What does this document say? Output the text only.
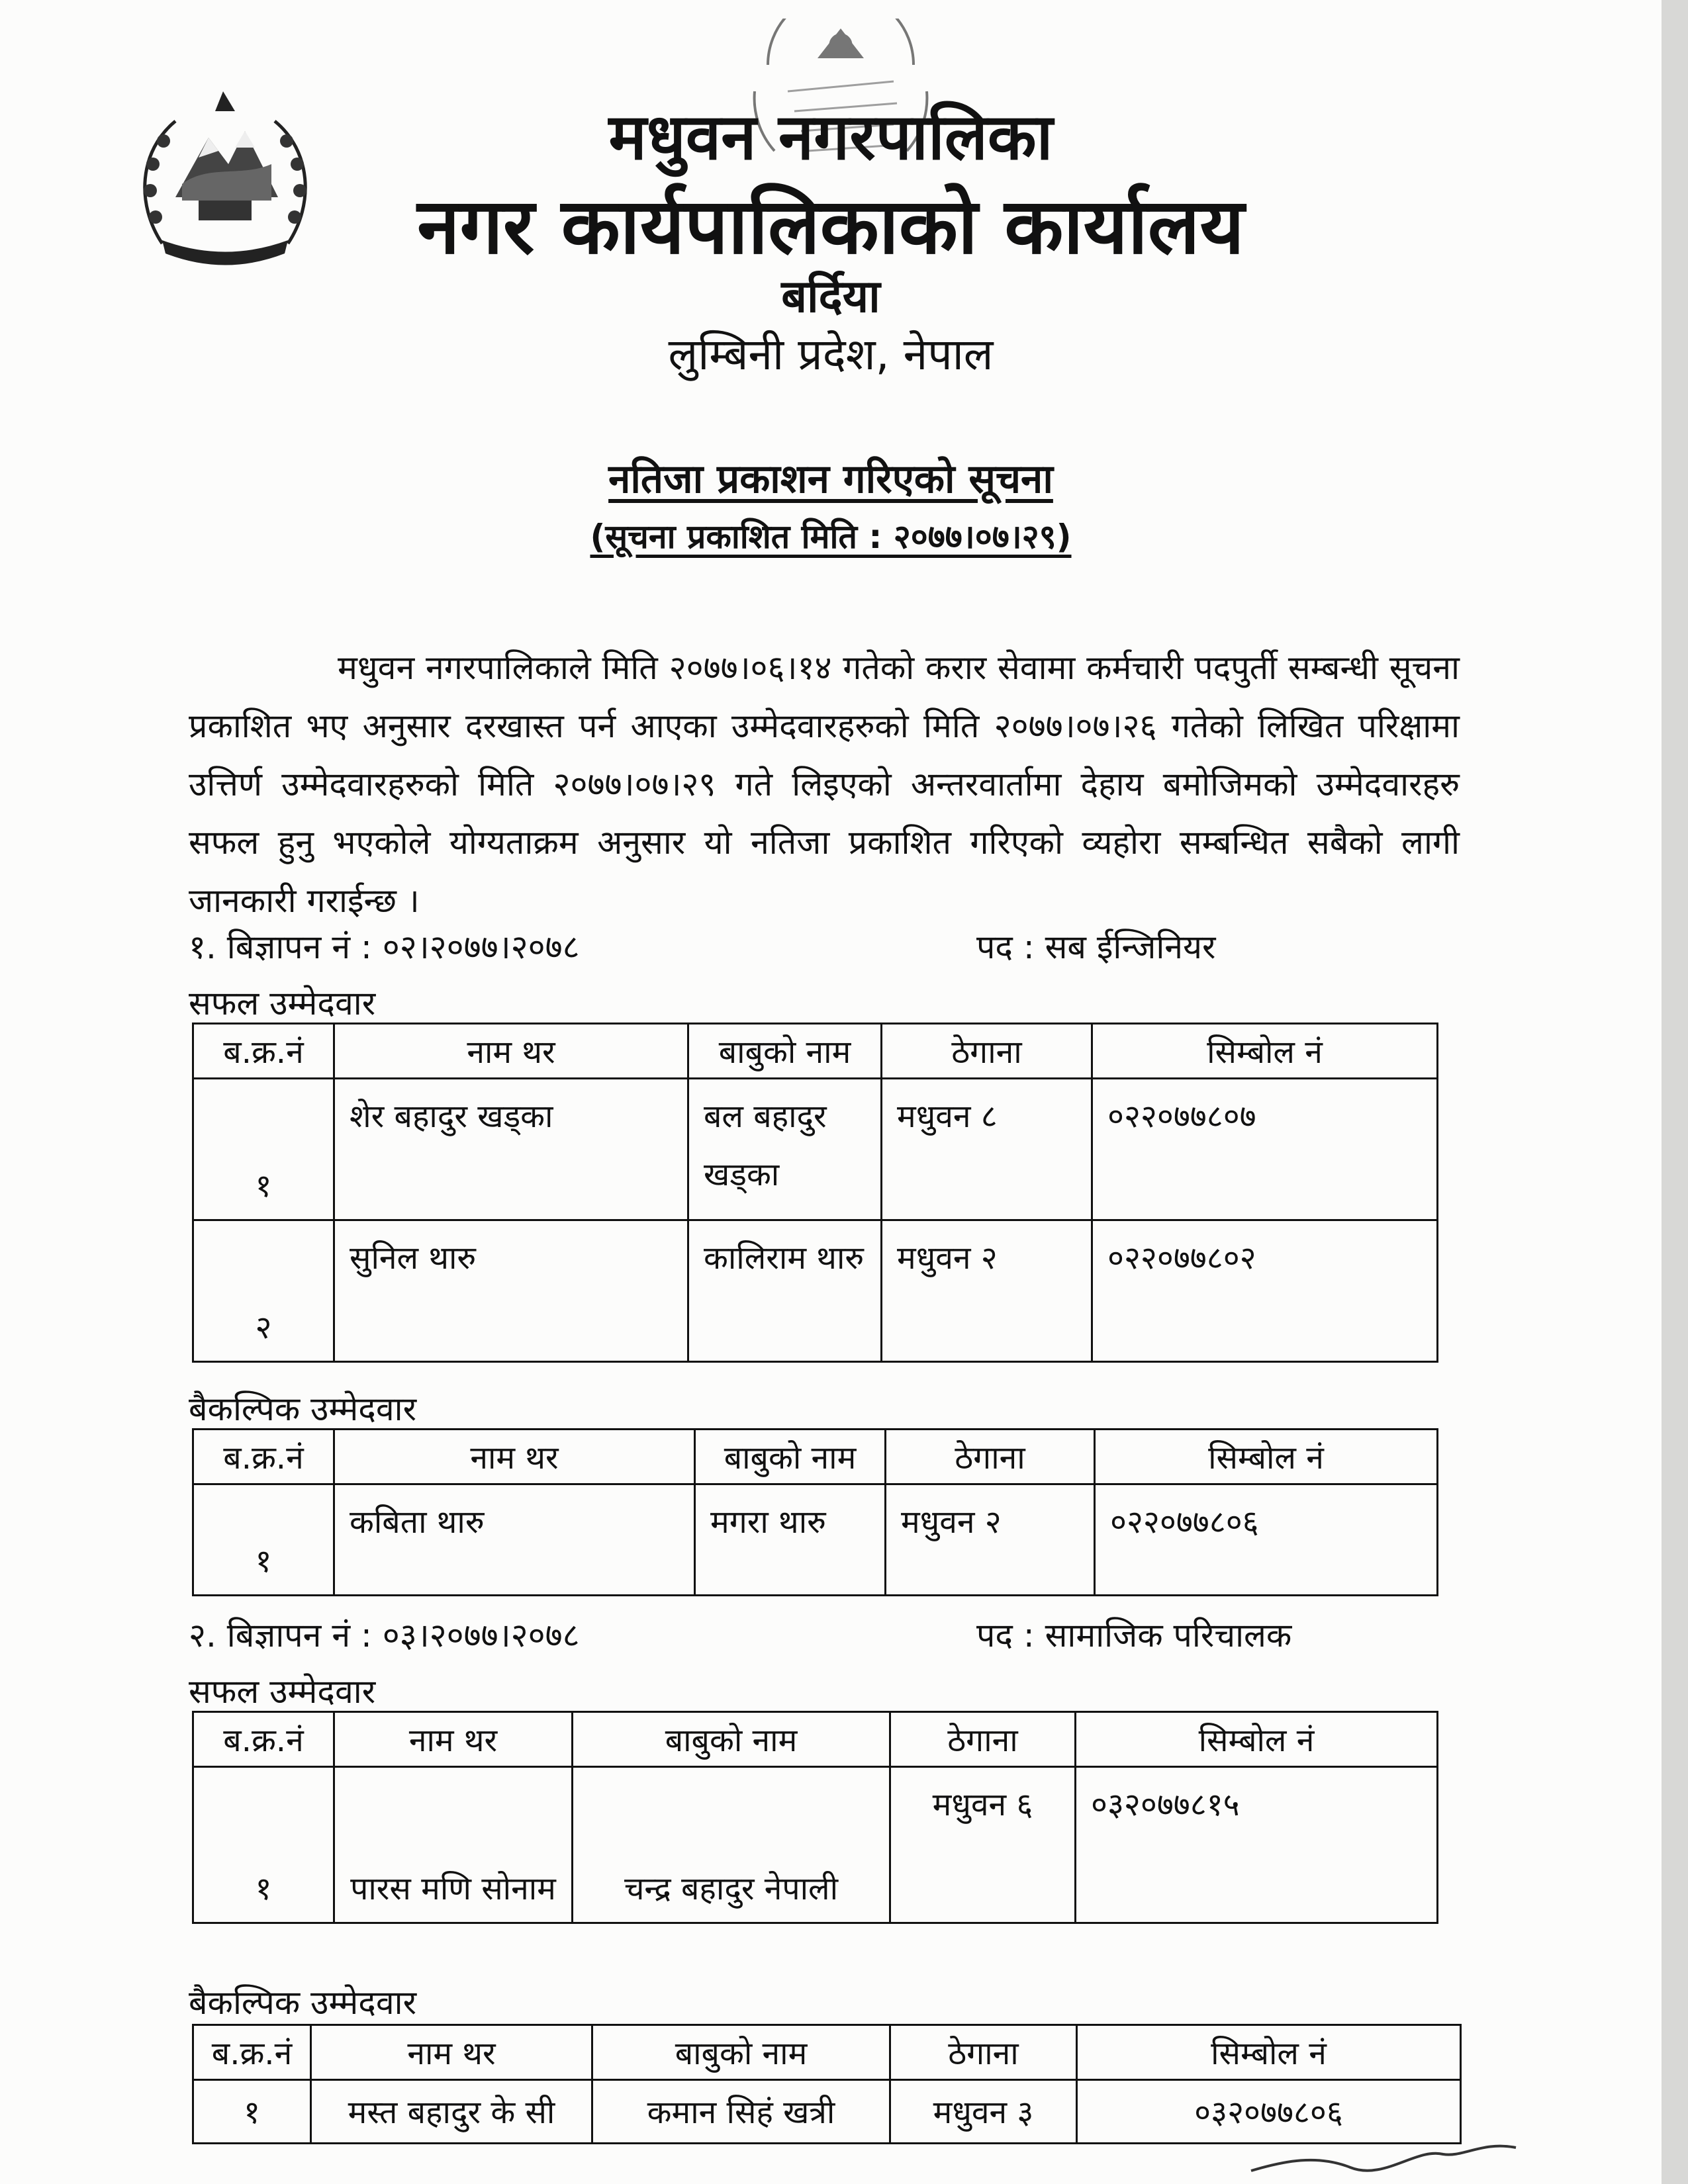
मधुवन नगरपालिका
नगर कार्यपालिकाको कार्यालय
बर्दिया
लुम्बिनी प्रदेश, नेपाल
नतिजा प्रकाशन गरिएको सूचना
(सूचना प्रकाशित मिति : २०७७।०७।२९)
मधुवन नगरपालिकाले मिति २०७७।०६।१४ गतेको करार सेवामा कर्मचारी पदपुर्ती सम्बन्धी सूचना प्रकाशित भए अनुसार दरखास्त पर्न आएका उम्मेदवारहरुको मिति २०७७।०७।२६ गतेको लिखित परिक्षामा उत्तिर्ण उम्मेदवारहरुको मिति २०७७।०७।२९ गते लिइएको अन्तरवार्तामा देहाय बमोजिमको उम्मेदवारहरु सफल हुनु भएकोले योग्यताक्रम अनुसार यो नतिजा प्रकाशित गरिएको व्यहोरा सम्बन्धित सबैको लागी जानकारी गराईन्छ ।
१. बिज्ञापन नं : ०२।२०७७।२०७८	पद : सब ईन्जिनियर
सफल उम्मेदवार
ब.क्र.नं	नाम थर	बाबुको नाम	ठेगाना	सिम्बोल नं
१	शेर बहादुर खड्का	बल बहादुर खड्का	मधुवन ८	०२२०७७८०७
२	सुनिल थारु	कालिराम थारु	मधुवन २	०२२०७७८०२
बैकल्पिक उम्मेदवार
ब.क्र.नं	नाम थर	बाबुको नाम	ठेगाना	सिम्बोल नं
१	कबिता थारु	मगरा थारु	मधुवन २	०२२०७७८०६
२. बिज्ञापन नं : ०३।२०७७।२०७८	पद : सामाजिक परिचालक
सफल उम्मेदवार
ब.क्र.नं	नाम थर	बाबुको नाम	ठेगाना	सिम्बोल नं
१	पारस मणि सोनाम	चन्द्र बहादुर नेपाली	मधुवन ६	०३२०७७८१५
बैकल्पिक उम्मेदवार
ब.क्र.नं	नाम थर	बाबुको नाम	ठेगाना	सिम्बोल नं
१	मस्त बहादुर के सी	कमान सिहं खत्री	मधुवन ३	०३२०७७८०६
